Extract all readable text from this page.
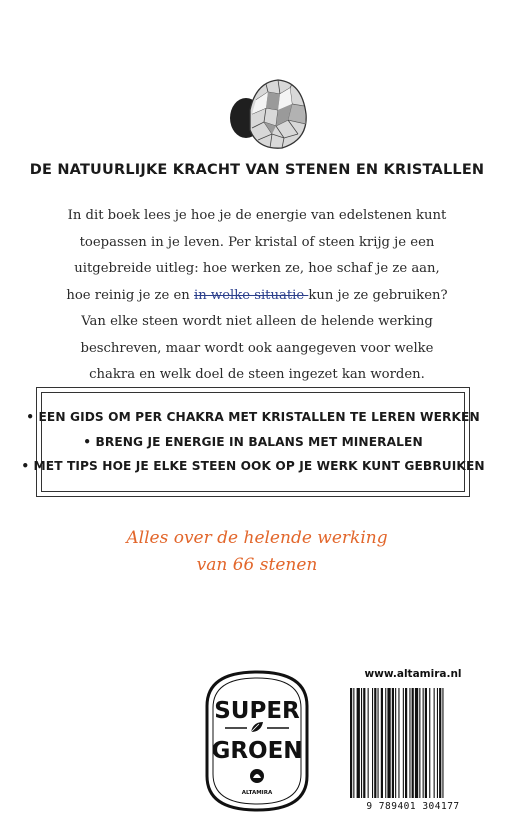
DE NATUURLIJKE KRACHT VAN STENEN EN KRISTALLEN
In dit boek lees je hoe je de energie van edelstenen kunt
toepassen in je leven. Per kristal of steen krijg je een
uitgebreide uitleg: hoe werken ze, hoe schaf je ze aan,
hoe reinig je ze en in welke situatie kun je ze gebruiken?
Van elke steen wordt niet alleen de helende werking
beschreven, maar wordt ook aangegeven voor welke
chakra en welk doel de steen ingezet kan worden.
• EEN GIDS OM PER CHAKRA MET KRISTALLEN TE LEREN WERKEN
• BRENG JE ENERGIE IN BALANS MET MINERALEN
• MET TIPS HOE JE ELKE STEEN OOK OP JE WERK KUNT GEBRUIKEN
Alles over de helende werking
van 66 stenen
SUPER
GROEN
ALTAMIRA
www.altamira.nl
9 789401 304177
